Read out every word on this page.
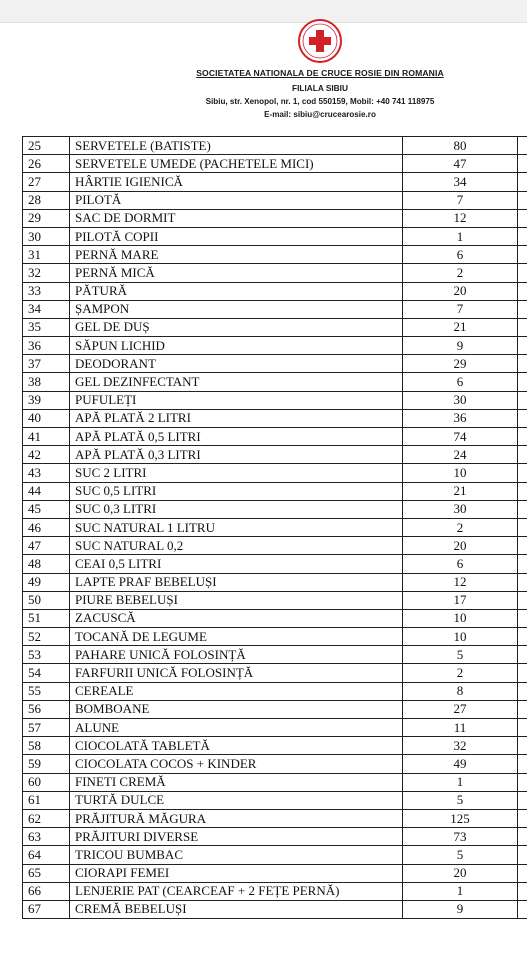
SOCIETATEA NATIONALA DE CRUCE ROSIE DIN ROMANIA
FILIALA SIBIU
Sibiu, str. Xenopol, nr. 1, cod 550159, Mobil: +40 741 118975
E-mail: sibiu@crucearosie.ro
25	SERVETELE (BATISTE)	80	
26	SERVETELE UMEDE (PACHETELE MICI)	47	
27	HÂRTIE IGIENICĂ	34	
28	PILOTĂ	7	
29	SAC DE DORMIT	12	
30	PILOTĂ COPII	1	
31	PERNĂ MARE	6	
32	PERNĂ MICĂ	2	
33	PĂTURĂ	20	
34	ȘAMPON	7	
35	GEL DE DUȘ	21	
36	SĂPUN LICHID	9	
37	DEODORANT	29	
38	GEL DEZINFECTANT	6	
39	PUFULEȚI	30	
40	APĂ PLATĂ 2 LITRI	36	
41	APĂ PLATĂ 0,5 LITRI	74	
42	APĂ PLATĂ 0,3 LITRI	24	
43	SUC 2 LITRI	10	
44	SUC 0,5 LITRI	21	
45	SUC 0,3 LITRI	30	
46	SUC NATURAL 1 LITRU	2	
47	SUC NATURAL 0,2	20	
48	CEAI 0,5 LITRI	6	
49	LAPTE PRAF BEBELUȘI	12	
50	PIURE BEBELUȘI	17	
51	ZACUSCĂ	10	
52	TOCANĂ DE LEGUME	10	
53	PAHARE UNICĂ FOLOSINȚĂ	5	
54	FARFURII UNICĂ FOLOSINȚĂ	2	
55	CEREALE	8	
56	BOMBOANE	27	
57	ALUNE	11	
58	CIOCOLATĂ TABLETĂ	32	
59	CIOCOLATA COCOS + KINDER	49	
60	FINETI CREMĂ	1	
61	TURTĂ DULCE	5	
62	PRĂJITURĂ MĂGURA	125	
63	PRĂJITURI DIVERSE	73	
64	TRICOU BUMBAC	5	
65	CIORAPI FEMEI	20	
66	LENJERIE PAT (CEARCEAF + 2 FEȚE PERNĂ)	1	
67	CREMĂ BEBELUȘI	9	
